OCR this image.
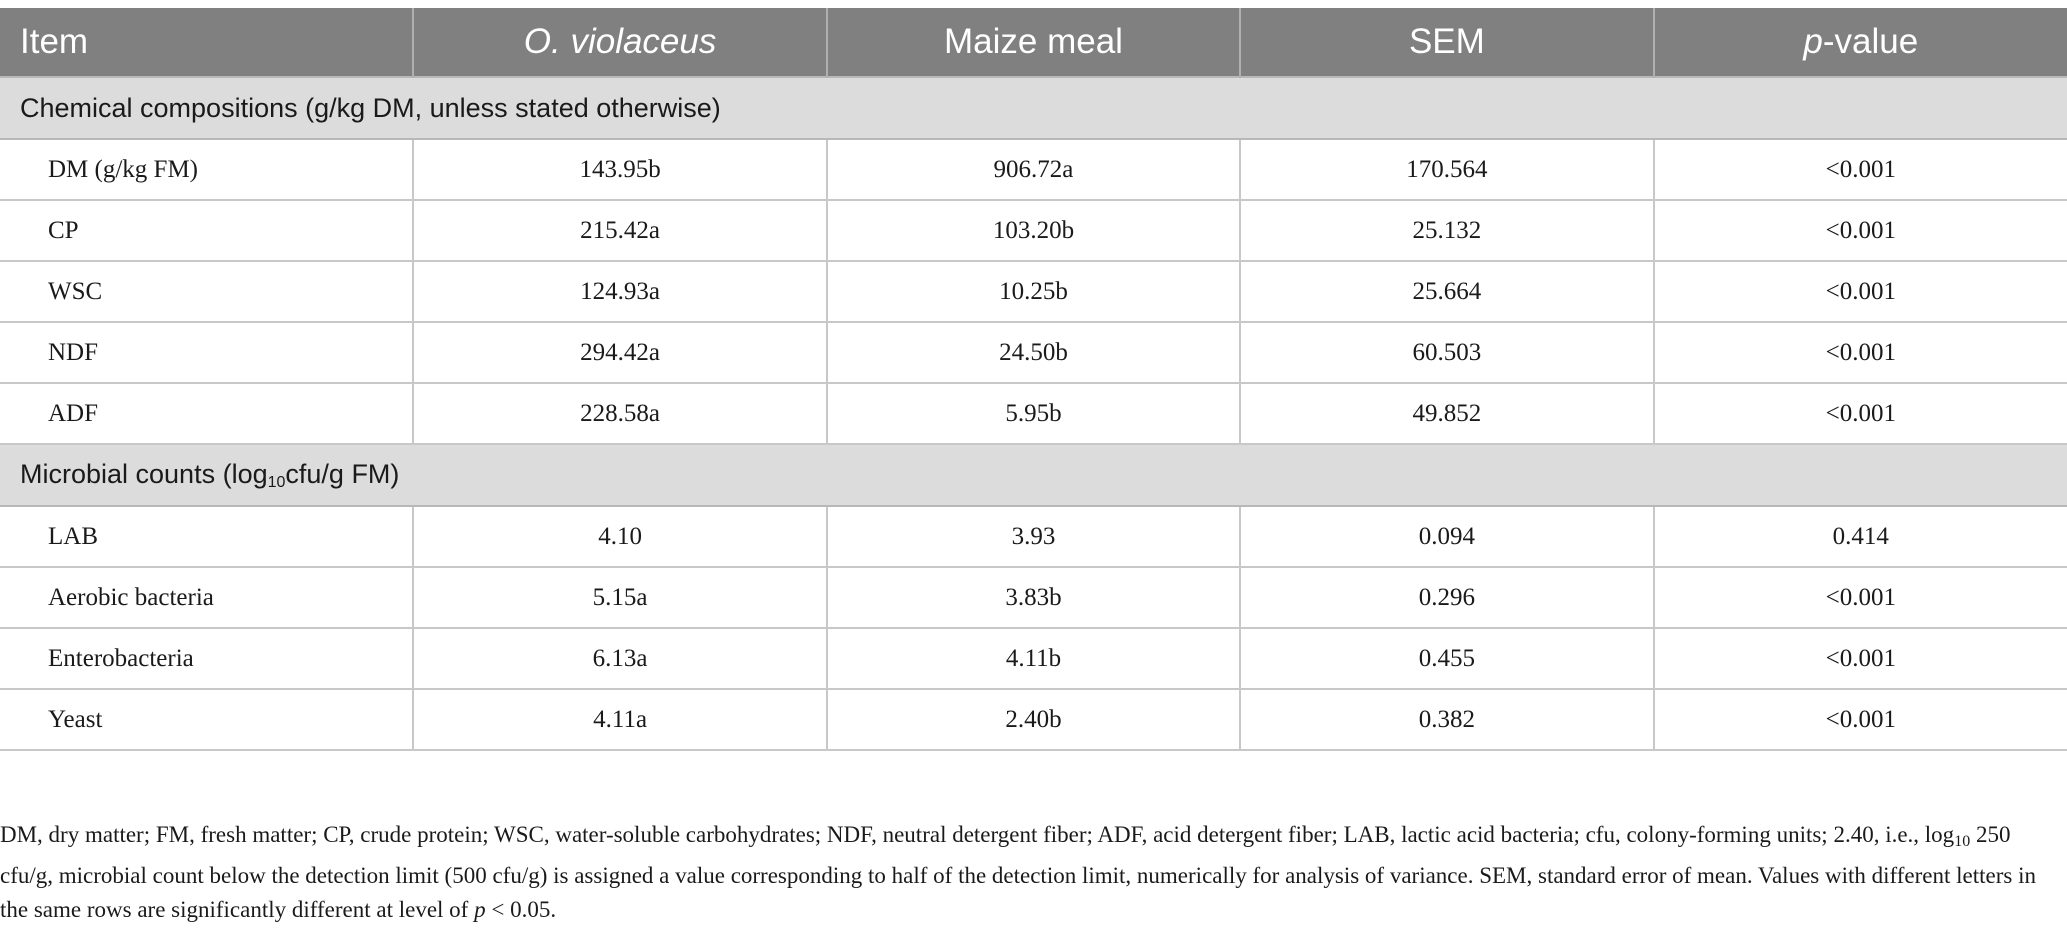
Item	O. violaceus	Maize meal	SEM	p-value
Chemical compositions (g/kg DM, unless stated otherwise)				
DM (g/kg FM)	143.95b	906.72a	170.564	<0.001
CP	215.42a	103.20b	25.132	<0.001
WSC	124.93a	10.25b	25.664	<0.001
NDF	294.42a	24.50b	60.503	<0.001
ADF	228.58a	5.95b	49.852	<0.001
Microbial counts ($\log_{10}cfu/g$ FM)				
LAB	4.10	3.93	0.094	0.414
Aerobic bacteria	5.15a	3.83b	0.296	<0.001
Enterobacteria	6.13a	4.11b	0.455	<0.001
Yeast	4.11a	2.40b	0.382	<0.001
DM, dry matter; FM, fresh matter; CP, crude protein; WSC, water-soluble carbohydrates; NDF, neutral detergent fiber; ADF, acid detergent fiber; LAB, lactic acid bacteria; cfu, colony-forming units; 2.40, i.e., $\log_{10} 250$ cfu/g, microbial count below the detection limit (500 cfu/g) is assigned a value corresponding to half of the detection limit, numerically for analysis of variance. SEM, standard error of mean. Values with different letters in the same rows are significantly different at level of p < 0.05.
